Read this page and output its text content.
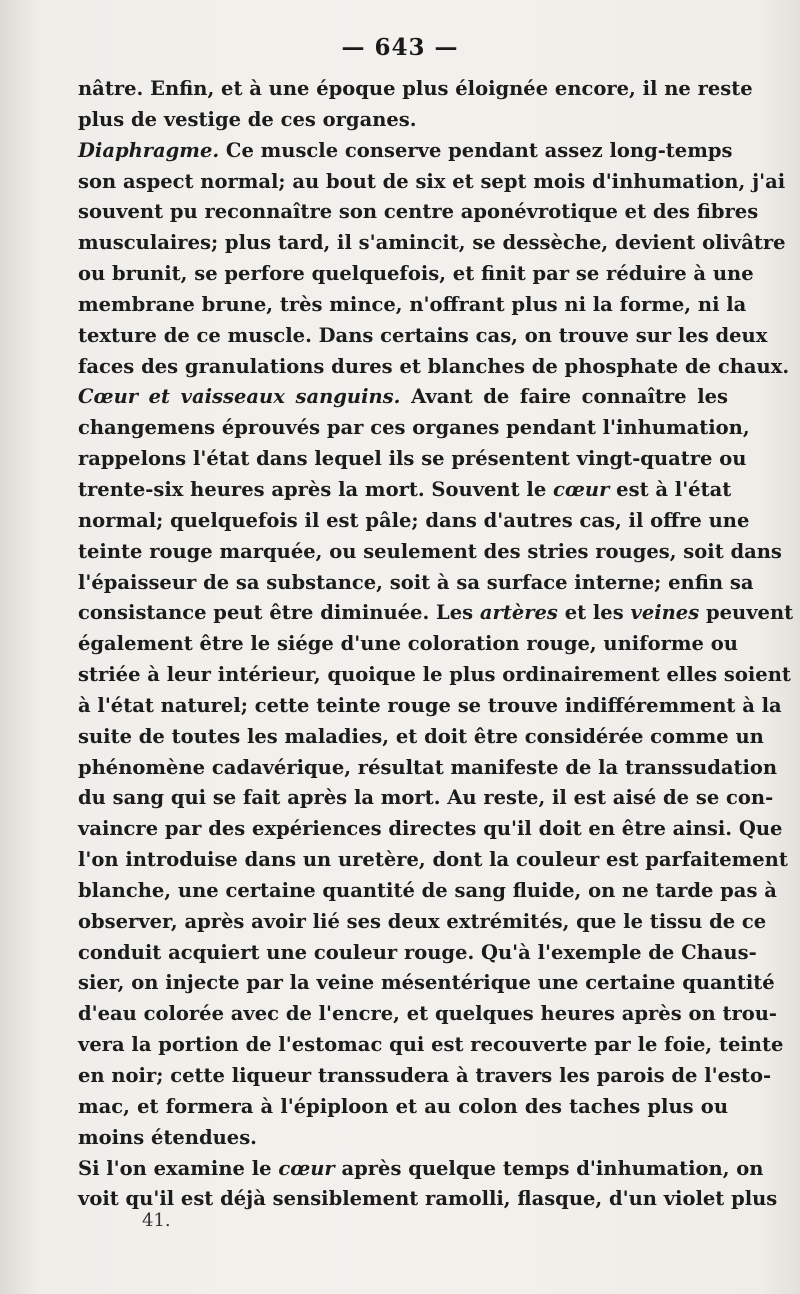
— 643 —
nâtre. Enfin, et à une époque plus éloignée encore, il ne reste
plus de vestige de ces organes.
Diaphragme. Ce muscle conserve pendant assez long-temps
son aspect normal; au bout de six et sept mois d'inhumation, j'ai
souvent pu reconnaître son centre aponévrotique et des fibres
musculaires; plus tard, il s'amincit, se dessèche, devient olivâtre
ou brunit, se perfore quelquefois, et finit par se réduire à une
membrane brune, très mince, n'offrant plus ni la forme, ni la
texture de ce muscle. Dans certains cas, on trouve sur les deux
faces des granulations dures et blanches de phosphate de chaux.
Cœur et vaisseaux sanguins. Avant de faire connaître les
changemens éprouvés par ces organes pendant l'inhumation,
rappelons l'état dans lequel ils se présentent vingt-quatre ou
trente-six heures après la mort. Souvent le cœur est à l'état
normal; quelquefois il est pâle; dans d'autres cas, il offre une
teinte rouge marquée, ou seulement des stries rouges, soit dans
l'épaisseur de sa substance, soit à sa surface interne; enfin sa
consistance peut être diminuée. Les artères et les veines peuvent
également être le siége d'une coloration rouge, uniforme ou
striée à leur intérieur, quoique le plus ordinairement elles soient
à l'état naturel; cette teinte rouge se trouve indifféremment à la
suite de toutes les maladies, et doit être considérée comme un
phénomène cadavérique, résultat manifeste de la transsudation
du sang qui se fait après la mort. Au reste, il est aisé de se con-
vaincre par des expériences directes qu'il doit en être ainsi. Que
l'on introduise dans un uretère, dont la couleur est parfaitement
blanche, une certaine quantité de sang fluide, on ne tarde pas à
observer, après avoir lié ses deux extrémités, que le tissu de ce
conduit acquiert une couleur rouge. Qu'à l'exemple de Chaus-
sier, on injecte par la veine mésentérique une certaine quantité
d'eau colorée avec de l'encre, et quelques heures après on trou-
vera la portion de l'estomac qui est recouverte par le foie, teinte
en noir; cette liqueur transsudera à travers les parois de l'esto-
mac, et formera à l'épiploon et au colon des taches plus ou
moins étendues.
Si l'on examine le cœur après quelque temps d'inhumation, on
voit qu'il est déjà sensiblement ramolli, flasque, d'un violet plus
41.
